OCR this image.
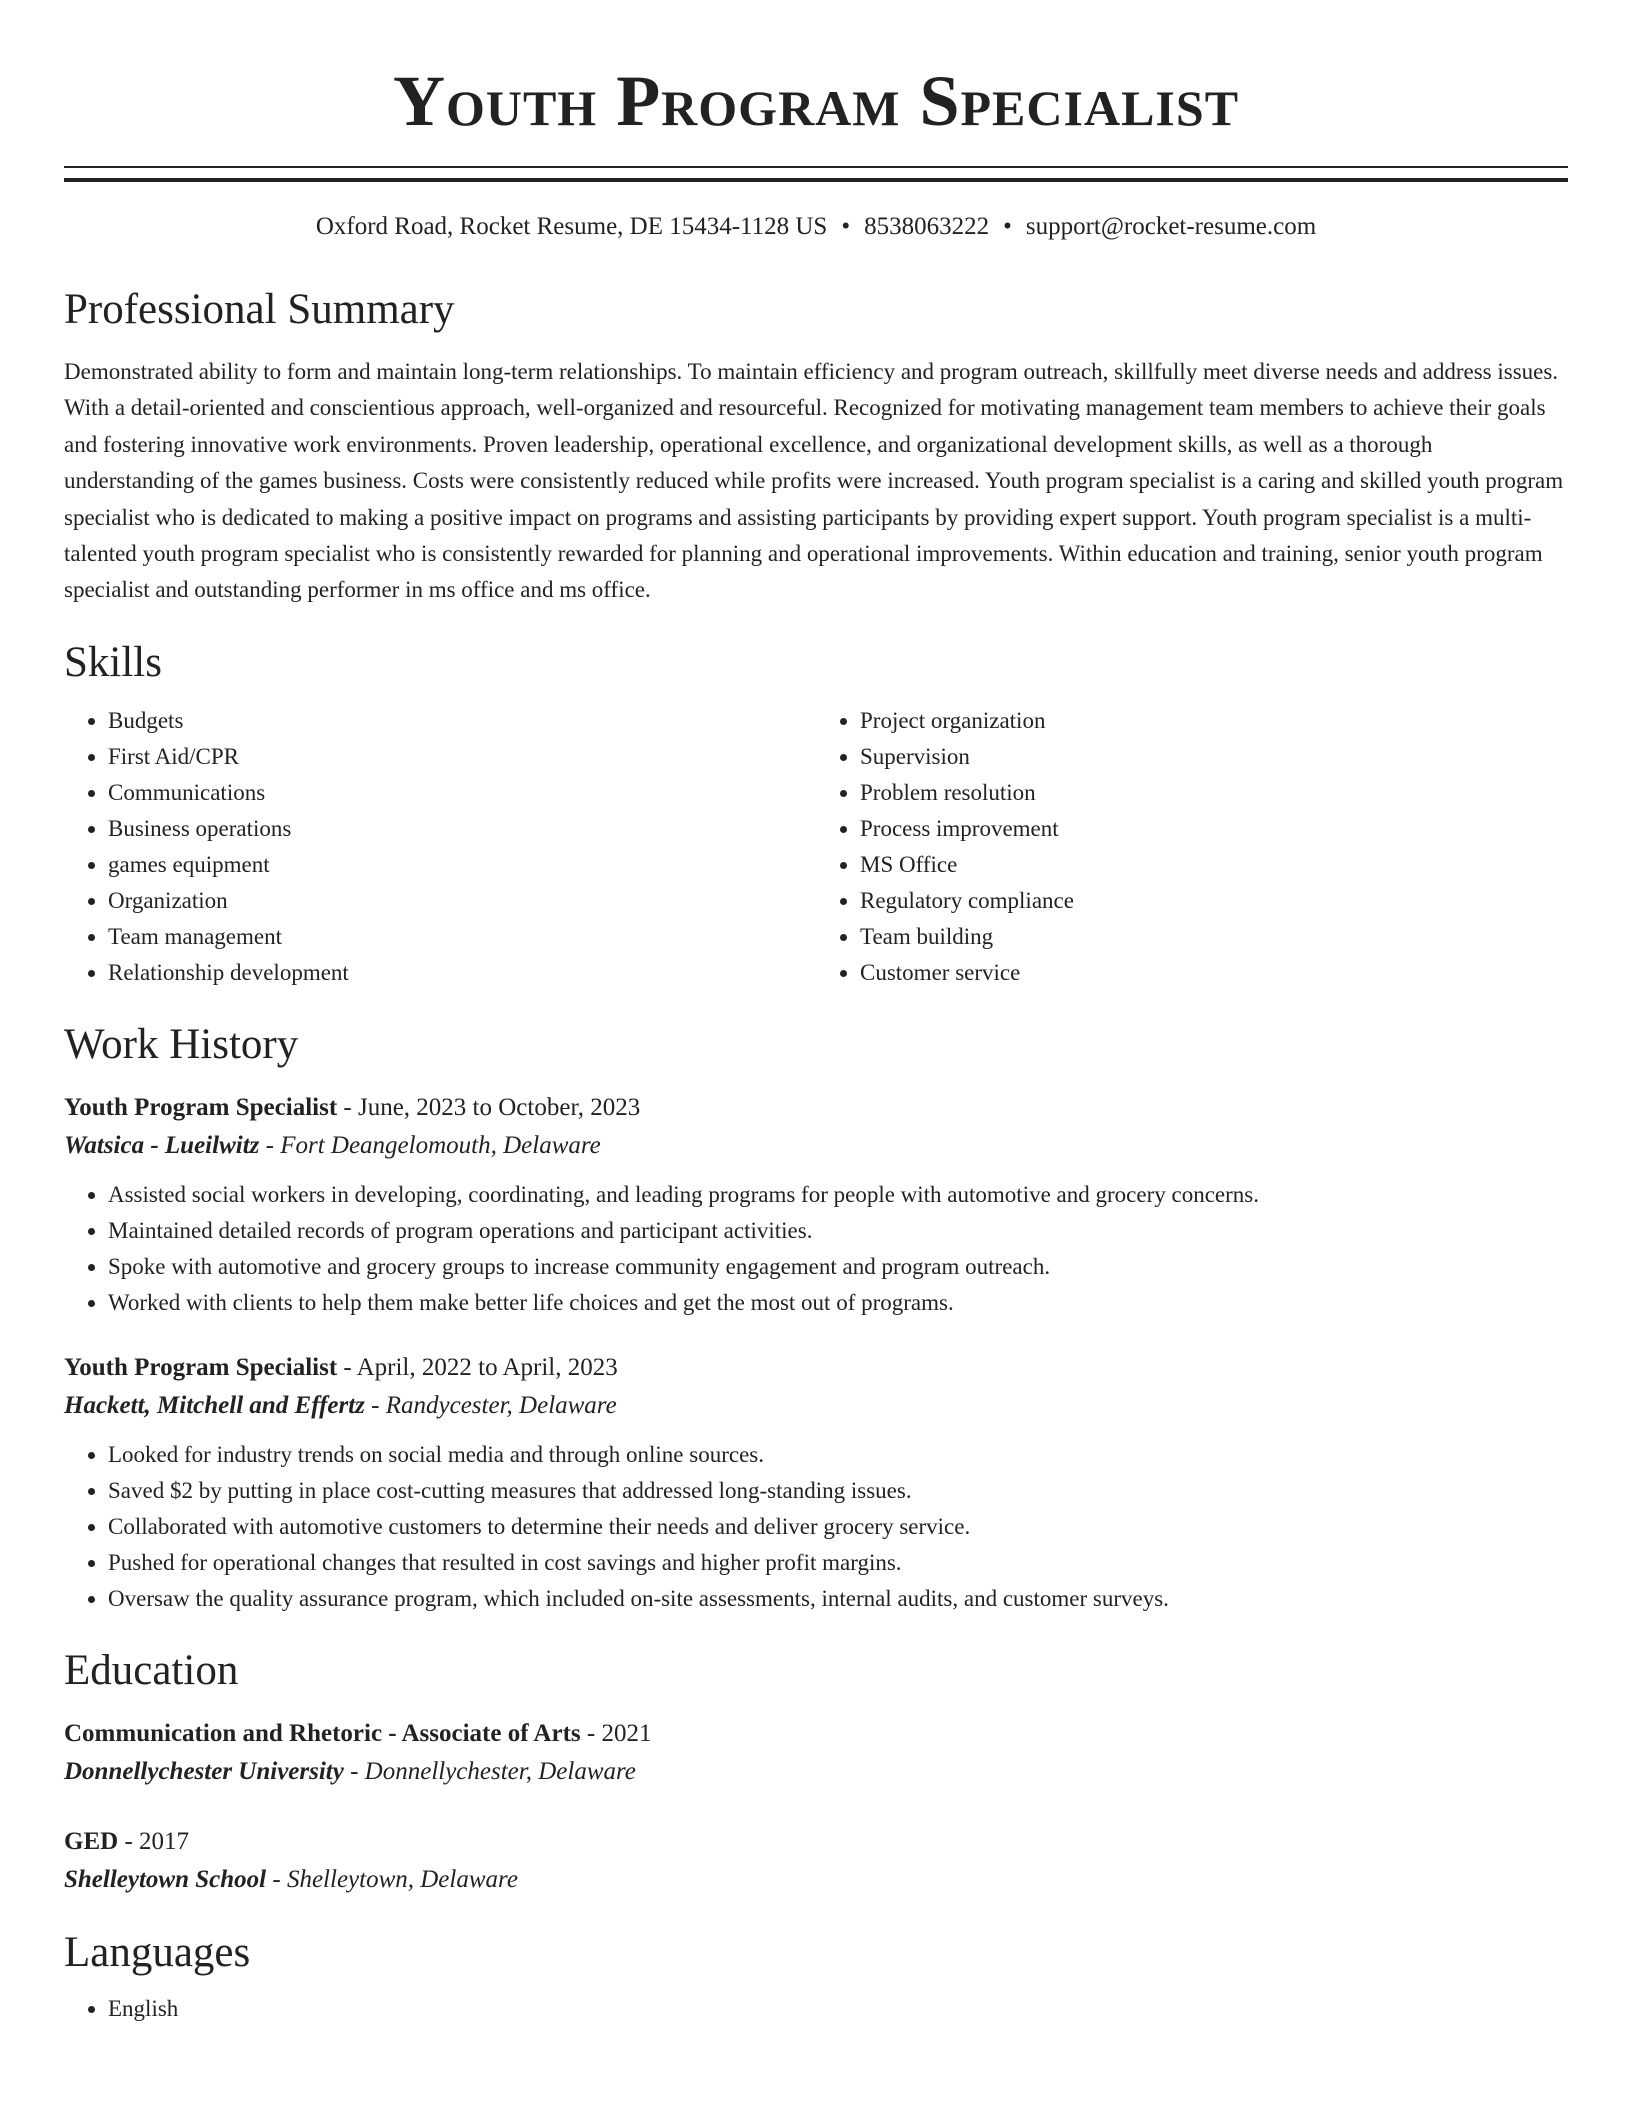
Youth Program Specialist
Oxford Road, Rocket Resume, DE 15434-1128 US • 8538063222 • support@rocket-resume.com
Professional Summary

Demonstrated ability to form and maintain long-term relationships. To maintain efficiency and program outreach, skillfully meet diverse needs and address issues. With a detail-oriented and conscientious approach, well-organized and resourceful. Recognized for motivating management team members to achieve their goals and fostering innovative work environments. Proven leadership, operational excellence, and organizational development skills, as well as a thorough understanding of the games business. Costs were consistently reduced while profits were increased. Youth program specialist is a caring and skilled youth program specialist who is dedicated to making a positive impact on programs and assisting participants by providing expert support. Youth program specialist is a multi-talented youth program specialist who is consistently rewarded for planning and operational improvements. Within education and training, senior youth program specialist and outstanding performer in ms office and ms office.

Skills
• Budgets
• First Aid/CPR
• Communications
• Business operations
• games equipment
• Organization
• Team management
• Relationship development
• Project organization
• Supervision
• Problem resolution
• Process improvement
• MS Office
• Regulatory compliance
• Team building
• Customer service
Work History
Youth Program Specialist - June, 2023 to October, 2023
Watsica - Lueilwitz - Fort Deangelomouth, Delaware
• Assisted social workers in developing, coordinating, and leading programs for people with automotive and grocery concerns.
• Maintained detailed records of program operations and participant activities.
• Spoke with automotive and grocery groups to increase community engagement and program outreach.
• Worked with clients to help them make better life choices and get the most out of programs.
Youth Program Specialist - April, 2022 to April, 2023
Hackett, Mitchell and Effertz - Randycester, Delaware
• Looked for industry trends on social media and through online sources.
• Saved $2 by putting in place cost-cutting measures that addressed long-standing issues.
• Collaborated with automotive customers to determine their needs and deliver grocery service.
• Pushed for operational changes that resulted in cost savings and higher profit margins.
• Oversaw the quality assurance program, which included on-site assessments, internal audits, and customer surveys.
Education
Communication and Rhetoric - Associate of Arts - 2021
Donnellychester University - Donnellychester, Delaware
GED - 2017
Shelleytown School - Shelleytown, Delaware
Languages
• English
